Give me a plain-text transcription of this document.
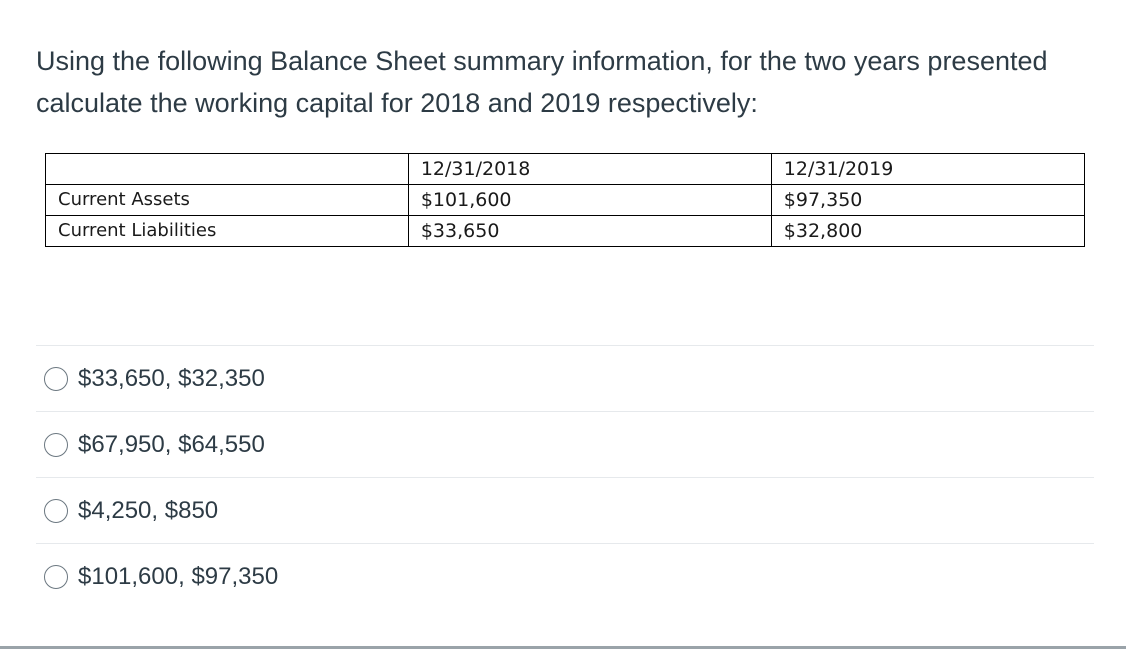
Using the following Balance Sheet summary information, for the two years presented
calculate the working capital for 2018 and 2019 respectively:
	12/31/2018	12/31/2019
Current Assets	$101,600	$97,350
Current Liabilities	$33,650	$32,800
$33,650, $32,350
$67,950, $64,550
$4,250, $850
$101,600, $97,350
